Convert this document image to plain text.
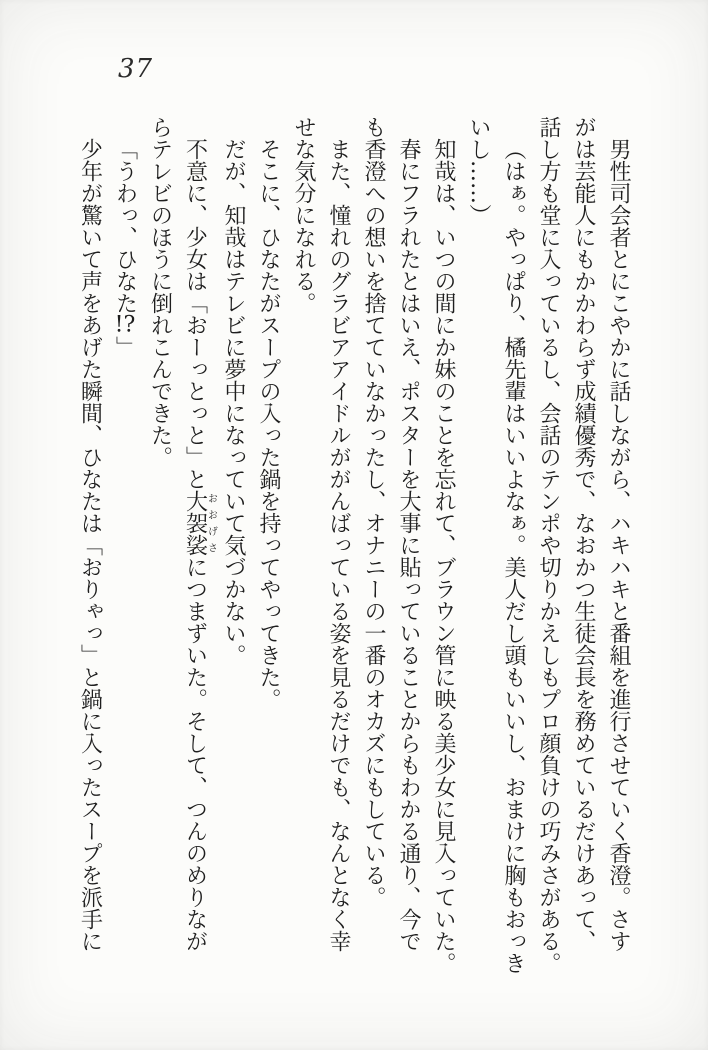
37
男性司会者とにこやかに話しながら、ハキハキと番組を進行させていく香澄。さす
がは芸能人にもかかわらず成績優秀で、なおかつ生徒会長を務めているだけあって、
話し方も堂に入っているし、会話のテンポや切りかえしもプロ顔負けの巧みさがある。
（はぁ。やっぱり、橘先輩はいいよなぁ。美人だし頭もいいし、おまけに胸もおっき
いし……）
知哉は、いつの間にか妹のことを忘れて、ブラウン管に映る美少女に見入っていた。
春にフラれたとはいえ、ポスターを大事に貼っていることからもわかる通り、今で
も香澄への想いを捨てていなかったし、オナニーの一番のオカズにもしている。
また、憧れのグラビアアイドルががんばっている姿を見るだけでも、なんとなく幸
せな気分になれる。
そこに、ひなたがスープの入った鍋を持ってやってきた。
だが、知哉はテレビに夢中になっていて気づかない。
不意に、少女は「おーっとっと」と大袈裟おおげさにつまずいた。そして、つんのめりなが
らテレビのほうに倒れこんできた。
「うわっ、ひなた!?」
少年が驚いて声をあげた瞬間、ひなたは「おりゃっ」と鍋に入ったスープを派手に
